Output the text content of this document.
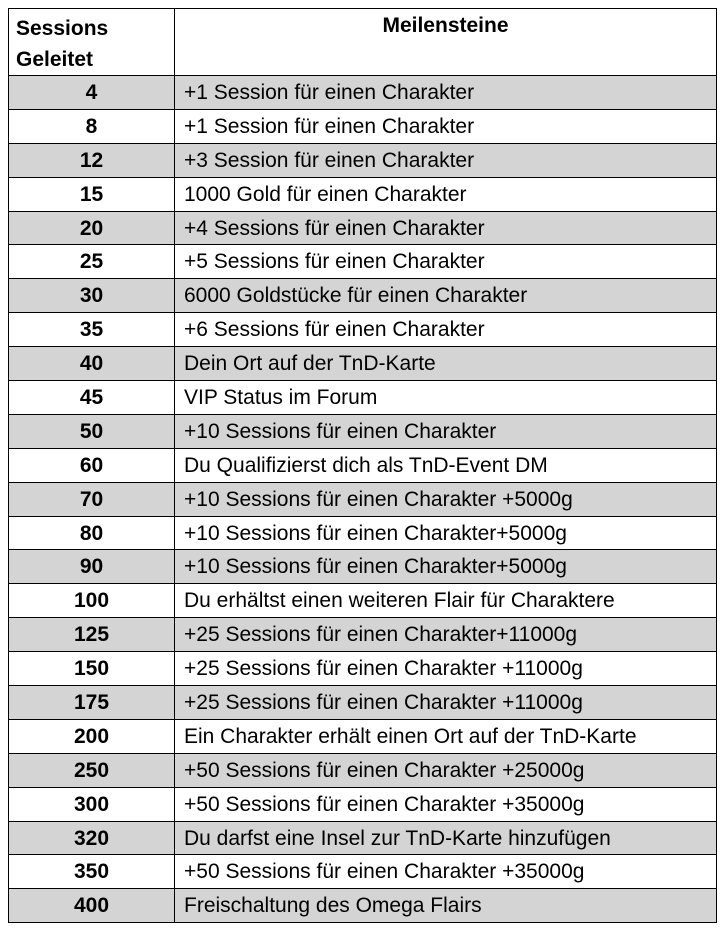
Sessions Geleitet	Meilensteine
4	+1 Session für einen Charakter
8	+1 Session für einen Charakter
12	+3 Session für einen Charakter
15	1000 Gold für einen Charakter
20	+4 Sessions für einen Charakter
25	+5 Sessions für einen Charakter
30	6000 Goldstücke für einen Charakter
35	+6 Sessions für einen Charakter
40	Dein Ort auf der TnD-Karte
45	VIP Status im Forum
50	+10 Sessions für einen Charakter
60	Du Qualifizierst dich als TnD-Event DM
70	+10 Sessions für einen Charakter +5000g
80	+10 Sessions für einen Charakter+5000g
90	+10 Sessions für einen Charakter+5000g
100	Du erhältst einen weiteren Flair für Charaktere
125	+25 Sessions für einen Charakter+11000g
150	+25 Sessions für einen Charakter +11000g
175	+25 Sessions für einen Charakter +11000g
200	Ein Charakter erhält einen Ort auf der TnD-Karte
250	+50 Sessions für einen Charakter +25000g
300	+50 Sessions für einen Charakter +35000g
320	Du darfst eine Insel zur TnD-Karte hinzufügen
350	+50 Sessions für einen Charakter +35000g
400	Freischaltung des Omega Flairs
